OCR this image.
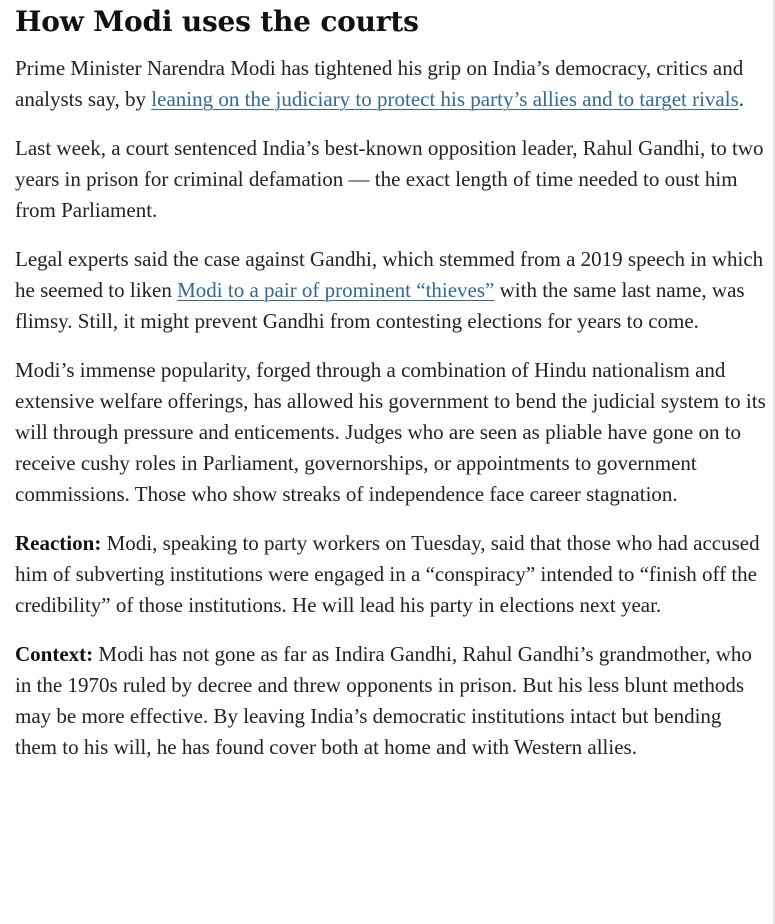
How Modi uses the courts

Prime Minister Narendra Modi has tightened his grip on India’s democracy, critics and analysts say, by leaning on the judiciary to protect his party’s allies and to target rivals.

Last week, a court sentenced India’s best-known opposition leader, Rahul Gandhi, to two years in prison for criminal defamation — the exact length of time needed to oust him from Parliament.

Legal experts said the case against Gandhi, which stemmed from a 2019 speech in which he seemed to liken Modi to a pair of prominent “thieves” with the same last name, was flimsy. Still, it might prevent Gandhi from contesting elections for years to come.

Modi’s immense popularity, forged through a combination of Hindu nationalism and extensive welfare offerings, has allowed his government to bend the judicial system to its will through pressure and enticements. Judges who are seen as pliable have gone on to receive cushy roles in Parliament, governorships, or appointments to government commissions. Those who show streaks of independence face career stagnation.

Reaction: Modi, speaking to party workers on Tuesday, said that those who had accused him of subverting institutions were engaged in a “conspiracy” intended to “finish off the credibility” of those institutions. He will lead his party in elections next year.

Context: Modi has not gone as far as Indira Gandhi, Rahul Gandhi’s grandmother, who in the 1970s ruled by decree and threw opponents in prison. But his less blunt methods may be more effective. By leaving India’s democratic institutions intact but bending them to his will, he has found cover both at home and with Western allies.
